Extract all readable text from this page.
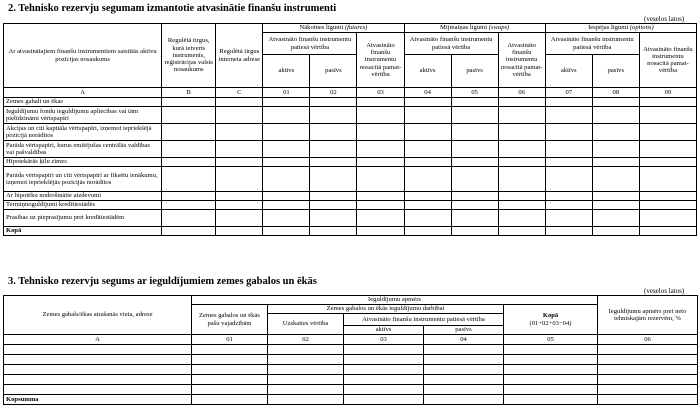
2. Tehnisko rezervju segumam izmantotie atvasinātie finanšu instrumenti
(veselos latos)
Ar atvasinātajiem finanšu instrumentiem saistītās aktīvu pozīcijas nosaukums	Regulētā tirgus, kurā ietverts instruments, reģistrācijas valsts nosaukums	Regulētā tirgus interneta adrese	Nākotnes līgumi (futures)			Mijmaiņas līgumi (swaps)			Iespējas līgumi (options)		
			Atvasināto finanšu instrumentu patiesā vērtība		Atvasināto finanšu instrumentu nosacītā pamat-vērtība	Atvasināto finanšu instrumentu patiesā vērtība		Atvasināto finanšu instrumentu nosacītā pamat-vērtība	Atvasināto finanšu instrumentu patiesā vērtība		Atvasināto finanšu instrumentu nosacītā pamat-vērtība
			aktīvs	pasīvs		aktīvs	pasīvs		aktīvs	pasīvs	
A	B	C	01	02	03	04	05	06	07	08	09
Zemes gabali un ēkas											
Ieguldījumu fondu ieguldījumu apliecības vai tām pielīdzināmi vērtspapīri											
Akcijas un citi kapitāla vērtspapīri, izņemot iepriekšējā pozīcijā norādītos											
Parāda vērtspapīri, kurus emitējušas centrālās valdības vai pašvaldības											
Hipotekārās ķīlu zīmes											
Parāda vērtspapīri un citi vērtspapīri ar fiksētu ienākumu, izņemot iepriekšējās pozīcijās norādītos											
Ar hipotēku nodrošinātie aizdevumi											
Termiņnoguldījumi kredītiestādēs											
Prasības uz pieprasījumu pret kredītiestādēm											
Kopā											
3. Tehnisko rezervju segums ar ieguldījumiem zemes gabalos un ēkās
(veselos latos)
Zemes gabals/ēkas atrašanās vieta, adrese	Ieguldījumu apmērs					Ieguldījumu apmērs pret neto tehniskajām rezervēm, %
	Zemes gabalos un ēkās pašu vajadzībām	Zemes gabalos un ēkās ieguldījumu darbībai			Kopā
(01+02+03−04)	
		Uzskaites vērtība	Atvasināto finanšu instrumentu patiesā vērtība			
			aktīvs	pasīvs		
A	01	02	03	04	05	06

Kopsumma						
